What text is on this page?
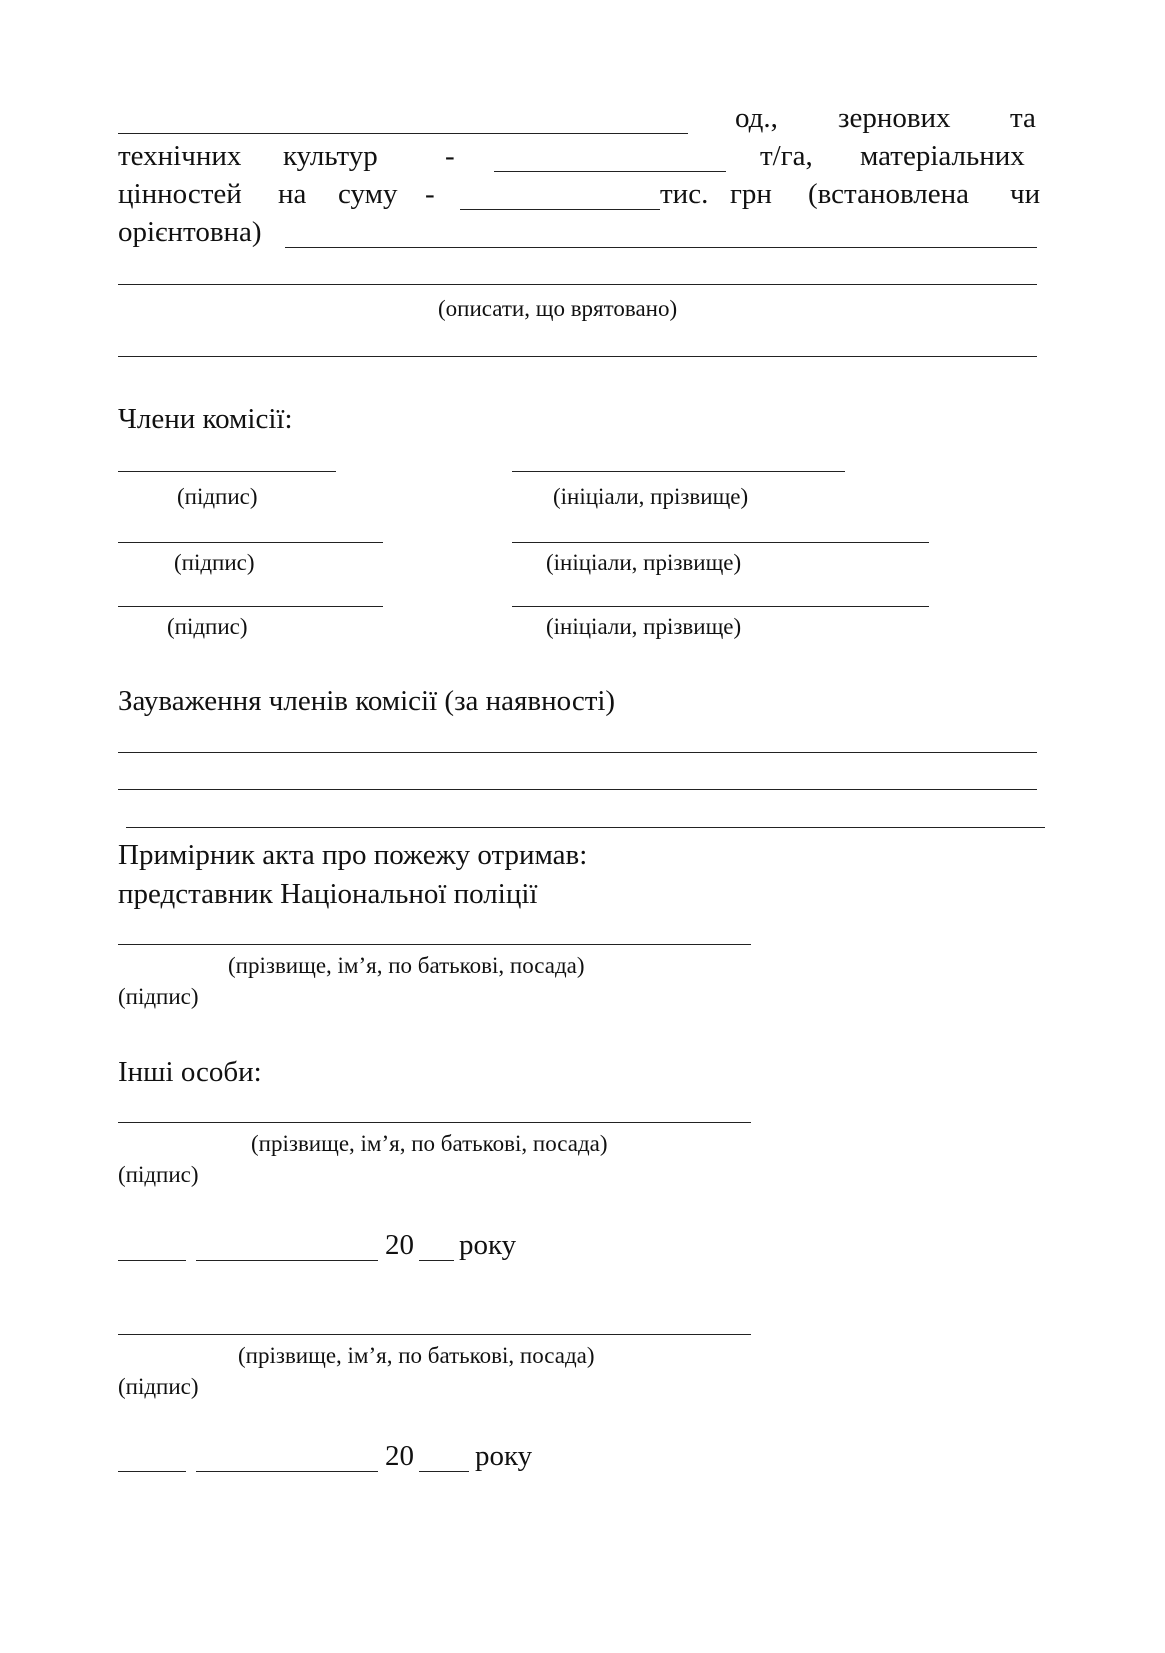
од., зернових та
технічних культур -	т/га, матеріальних
цінностей на суму -	тис. грн (встановлена чи
орієнтовна)
(описати, що врятовано)
Члени комісії:
(підпис)	(ініціали, прізвище)
(підпис)	(ініціали, прізвище)
(підпис)	(ініціали, прізвище)
Зауваження членів комісії (за наявності)
Примірник акта про пожежу отримав:
представник Національної поліції
(прізвище, ім’я, по батькові, посада)
(підпис)
Інші особи:
(прізвище, ім’я, по батькові, посада)
(підпис)
20 року
(прізвище, ім’я, по батькові, посада)
(підпис)
20 року
